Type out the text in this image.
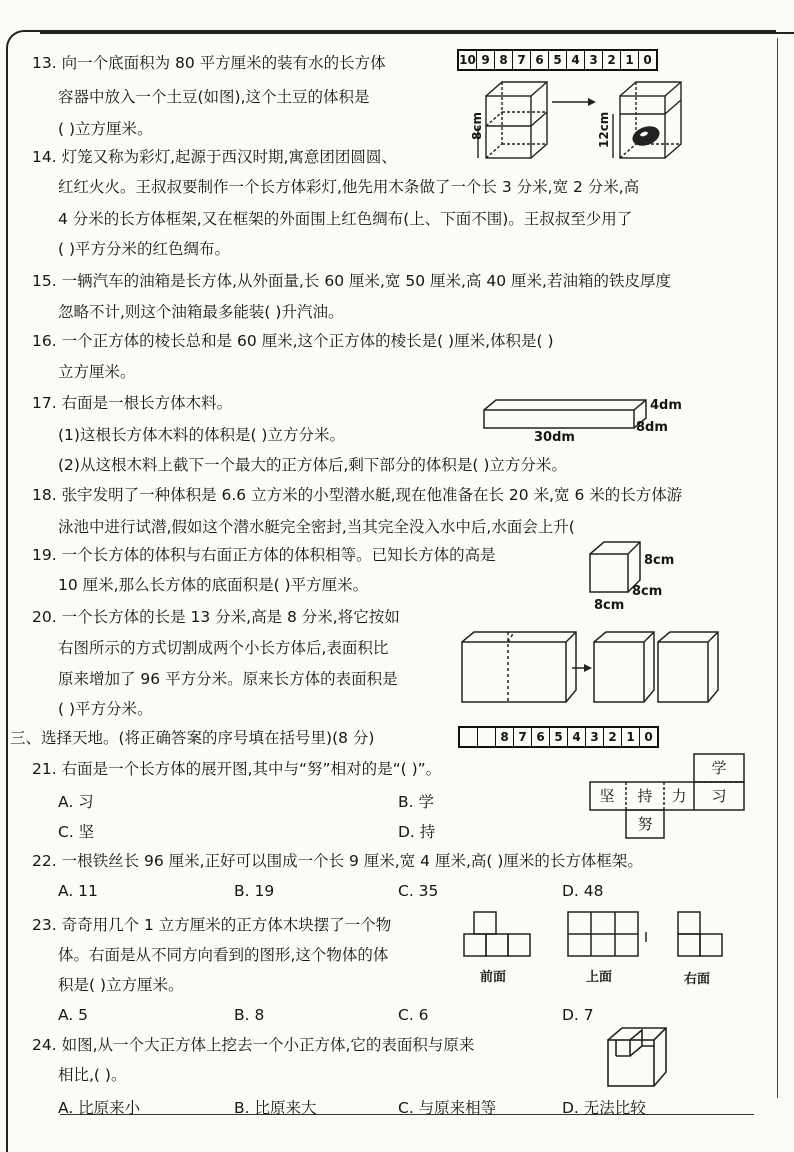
13. 向一个底面积为 80 平方厘米的装有水的长方体
容器中放入一个土豆(如图),这个土豆的体积是
( )立方厘米。
10 9 8 7 6 5 4 3 2 1 0
8cm	12cm
14. 灯笼又称为彩灯,起源于西汉时期,寓意团团圆圆、
红红火火。王叔叔要制作一个长方体彩灯,他先用木条做了一个长 3 分米,宽 2 分米,高
4 分米的长方体框架,又在框架的外面围上红色绸布(上、下面不围)。王叔叔至少用了
( )平方分米的红色绸布。
15. 一辆汽车的油箱是长方体,从外面量,长 60 厘米,宽 50 厘米,高 40 厘米,若油箱的铁皮厚度
忽略不计,则这个油箱最多能装( )升汽油。
16. 一个正方体的棱长总和是 60 厘米,这个正方体的棱长是( )厘米,体积是( )
立方厘米。
17. 右面是一根长方体木料。
(1)这根长方体木料的体积是( )立方分米。
(2)从这根木料上截下一个最大的正方体后,剩下部分的体积是( )立方分米。
4dm
8dm
30dm
18. 张宇发明了一种体积是 6.6 立方米的小型潜水艇,现在他准备在长 20 米,宽 6 米的长方体游
泳池中进行试潜,假如这个潜水艇完全密封,当其完全没入水中后,水面会上升(
19. 一个长方体的体积与右面正方体的体积相等。已知长方体的高是
10 厘米,那么长方体的底面积是( )平方厘米。
8cm
8cm
8cm
20. 一个长方体的长是 13 分米,高是 8 分米,将它按如
右图所示的方式切割成两个小长方体后,表面积比
原来增加了 96 平方分米。原来长方体的表面积是
( )平方分米。
三、选择天地。(将正确答案的序号填在括号里)(8 分)	8 7 6 5 4 3 2 1 0
21. 右面是一个长方体的展开图,其中与“努”相对的是“( )”。
A. 习	B. 学
C. 坚	D. 持
学
坚	持	力	习
努
22. 一根铁丝长 96 厘米,正好可以围成一个长 9 厘米,宽 4 厘米,高( )厘米的长方体框架。
A. 11	B. 19	C. 35	D. 48
23. 奇奇用几个 1 立方厘米的正方体木块摆了一个物
体。右面是从不同方向看到的图形,这个物体的体
积是( )立方厘米。
A. 5	B. 8	C. 6	D. 7
前面	上面	右面
24. 如图,从一个大正方体上挖去一个小正方体,它的表面积与原来
相比,( )。
A. 比原来小	B. 比原来大	C. 与原来相等	D. 无法比较
